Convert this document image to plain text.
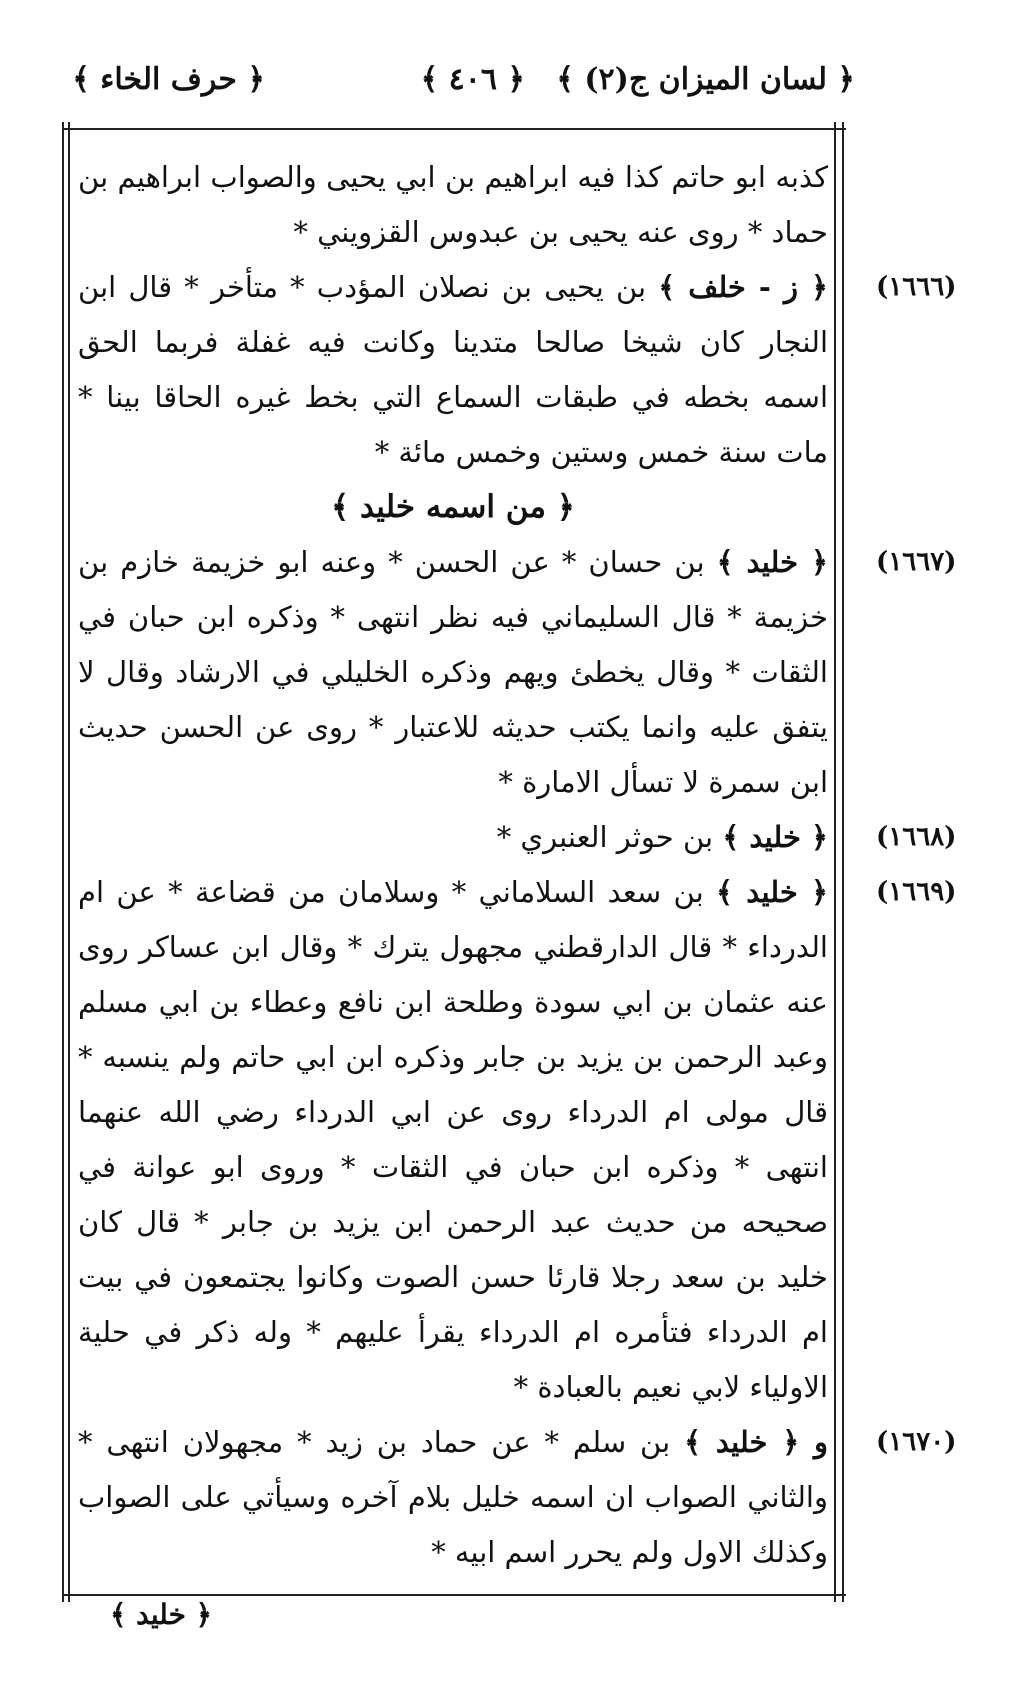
﴿ لسان الميزان ج(٢) ﴾
﴿ ٤٠٦ ﴾
﴿ حرف الخاء ﴾

كذبه ابو حاتم كذا فيه ابراهيم بن ابي يحيى والصواب ابراهيم بن حماد * روى عنه يحيى بن عبدوس القزويني *

﴿ ز - خلف ﴾ بن يحيى بن نصلان المؤدب * متأخر * قال ابن النجار كان شيخا صالحا متدينا وكانت فيه غفلة فربما الحق اسمه بخطه في طبقات السماع التي بخط غيره الحاقا بينا * مات سنة خمس وستين وخمس مائة *

﴿ من اسمه خليد ﴾

﴿ خليد ﴾ بن حسان * عن الحسن * وعنه ابو خزيمة خازم بن خزيمة * قال السليماني فيه نظر انتهى * وذكره ابن حبان في الثقات * وقال يخطئ ويهم وذكره الخليلي في الارشاد وقال لا يتفق عليه وانما يكتب حديثه للاعتبار * روى عن الحسن حديث ابن سمرة لا تسأل الامارة *

﴿ خليد ﴾ بن حوثر العنبري *

﴿ خليد ﴾ بن سعد السلاماني * وسلامان من قضاعة * عن ام الدرداء * قال الدارقطني مجهول يترك * وقال ابن عساكر روى عنه عثمان بن ابي سودة وطلحة ابن نافع وعطاء بن ابي مسلم وعبد الرحمن بن يزيد بن جابر وذكره ابن ابي حاتم ولم ينسبه * قال مولى ام الدرداء روى عن ابي الدرداء رضي الله عنهما انتهى * وذكره ابن حبان في الثقات * وروى ابو عوانة في صحيحه من حديث عبد الرحمن ابن يزيد بن جابر * قال كان خليد بن سعد رجلا قارئا حسن الصوت وكانوا يجتمعون في بيت ام الدرداء فتأمره ام الدرداء يقرأ عليهم * وله ذكر في حلية الاولياء لابي نعيم بالعبادة *

و ﴿ خليد ﴾ بن سلم * عن حماد بن زيد * مجهولان انتهى * والثاني الصواب ان اسمه خليل بلام آخره وسيأتي على الصواب وكذلك الاول ولم يحرر اسم ابيه *

(١٦٦٦)
(١٦٦٧)
(١٦٦٨)
(١٦٦٩)
(١٦٧٠)
﴿ خليد ﴾
